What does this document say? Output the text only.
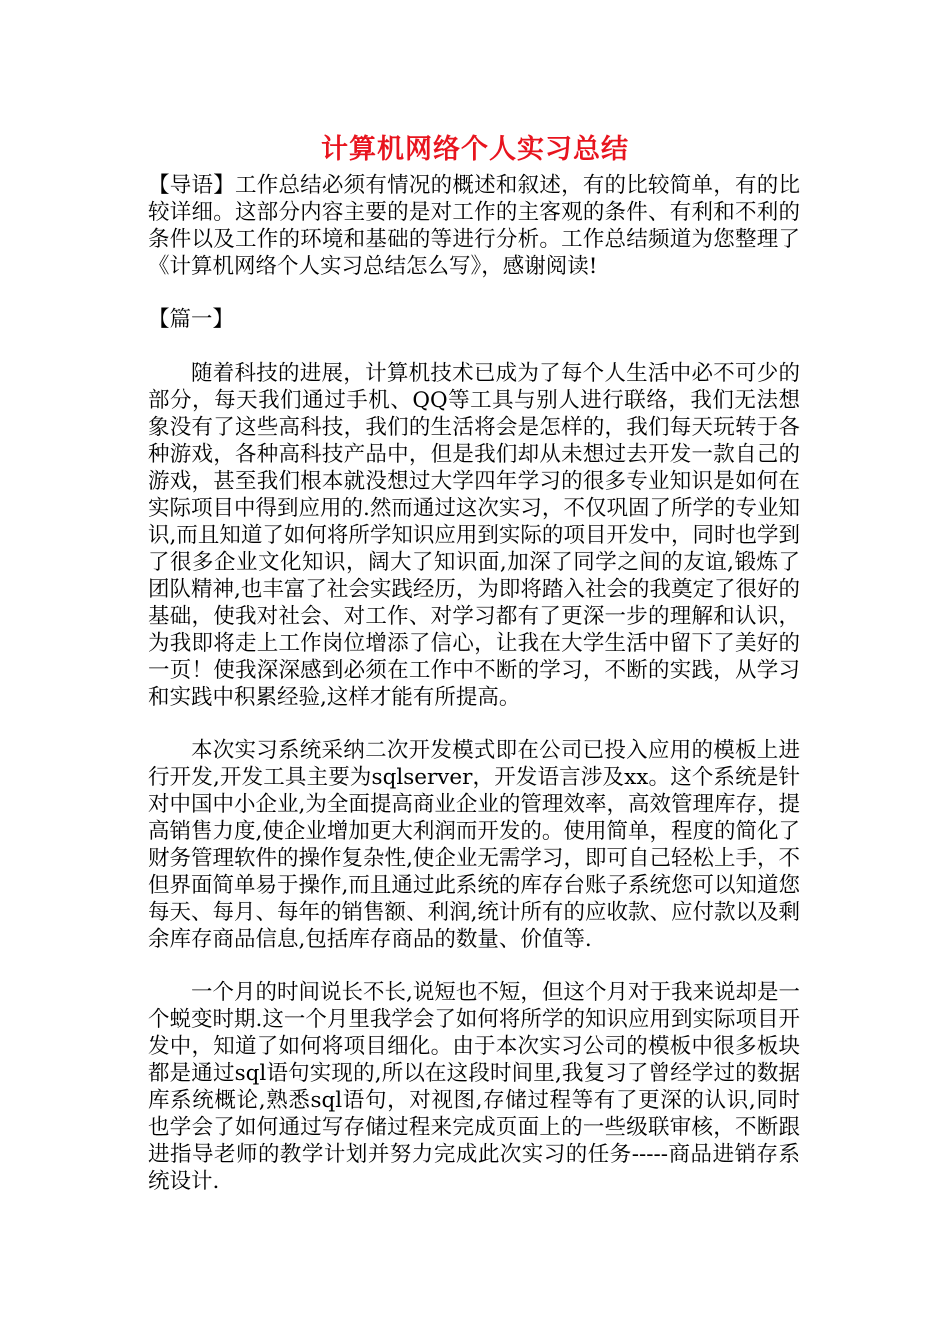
计算机网络个人实习总结

【导语】工作总结必须有情况的概述和叙述，有的比较简单，有的比较详细。这部分内容主要的是对工作的主客观的条件、有利和不利的条件以及工作的环境和基础的等进行分析。工作总结频道为您整理了《计算机网络个人实习总结怎么写》，感谢阅读!

【篇一】

随着科技的进展，计算机技术已成为了每个人生活中必不可少的部分，每天我们通过手机、QQ等工具与别人进行联络，我们无法想象没有了这些高科技，我们的生活将会是怎样的，我们每天玩转于各种游戏，各种高科技产品中，但是我们却从未想过去开发一款自己的游戏，甚至我们根本就没想过大学四年学习的很多专业知识是如何在实际项目中得到应用的.然而通过这次实习，不仅巩固了所学的专业知识,而且知道了如何将所学知识应用到实际的项目开发中，同时也学到了很多企业文化知识，阔大了知识面,加深了同学之间的友谊,锻炼了团队精神,也丰富了社会实践经历，为即将踏入社会的我奠定了很好的基础，使我对社会、对工作、对学习都有了更深一步的理解和认识，为我即将走上工作岗位增添了信心，让我在大学生活中留下了美好的一页！使我深深感到必须在工作中不断的学习，不断的实践，从学习和实践中积累经验,这样才能有所提高。

本次实习系统采纳二次开发模式即在公司已投入应用的模板上进行开发,开发工具主要为sqlserver，开发语言涉及xx。这个系统是针对中国中小企业,为全面提高商业企业的管理效率，高效管理库存，提高销售力度,使企业增加更大利润而开发的。使用简单，程度的简化了财务管理软件的操作复杂性,使企业无需学习，即可自己轻松上手，不但界面简单易于操作,而且通过此系统的库存台账子系统您可以知道您每天、每月、每年的销售额、利润,统计所有的应收款、应付款以及剩余库存商品信息,包括库存商品的数量、价值等.

一个月的时间说长不长,说短也不短，但这个月对于我来说却是一个蜕变时期.这一个月里我学会了如何将所学的知识应用到实际项目开发中，知道了如何将项目细化。由于本次实习公司的模板中很多板块都是通过sql语句实现的,所以在这段时间里,我复习了曾经学过的数据库系统概论,熟悉sql语句，对视图,存储过程等有了更深的认识,同时也学会了如何通过写存储过程来完成页面上的一些级联审核，不断跟进指导老师的教学计划并努力完成此次实习的任务-----商品进销存系统设计.
